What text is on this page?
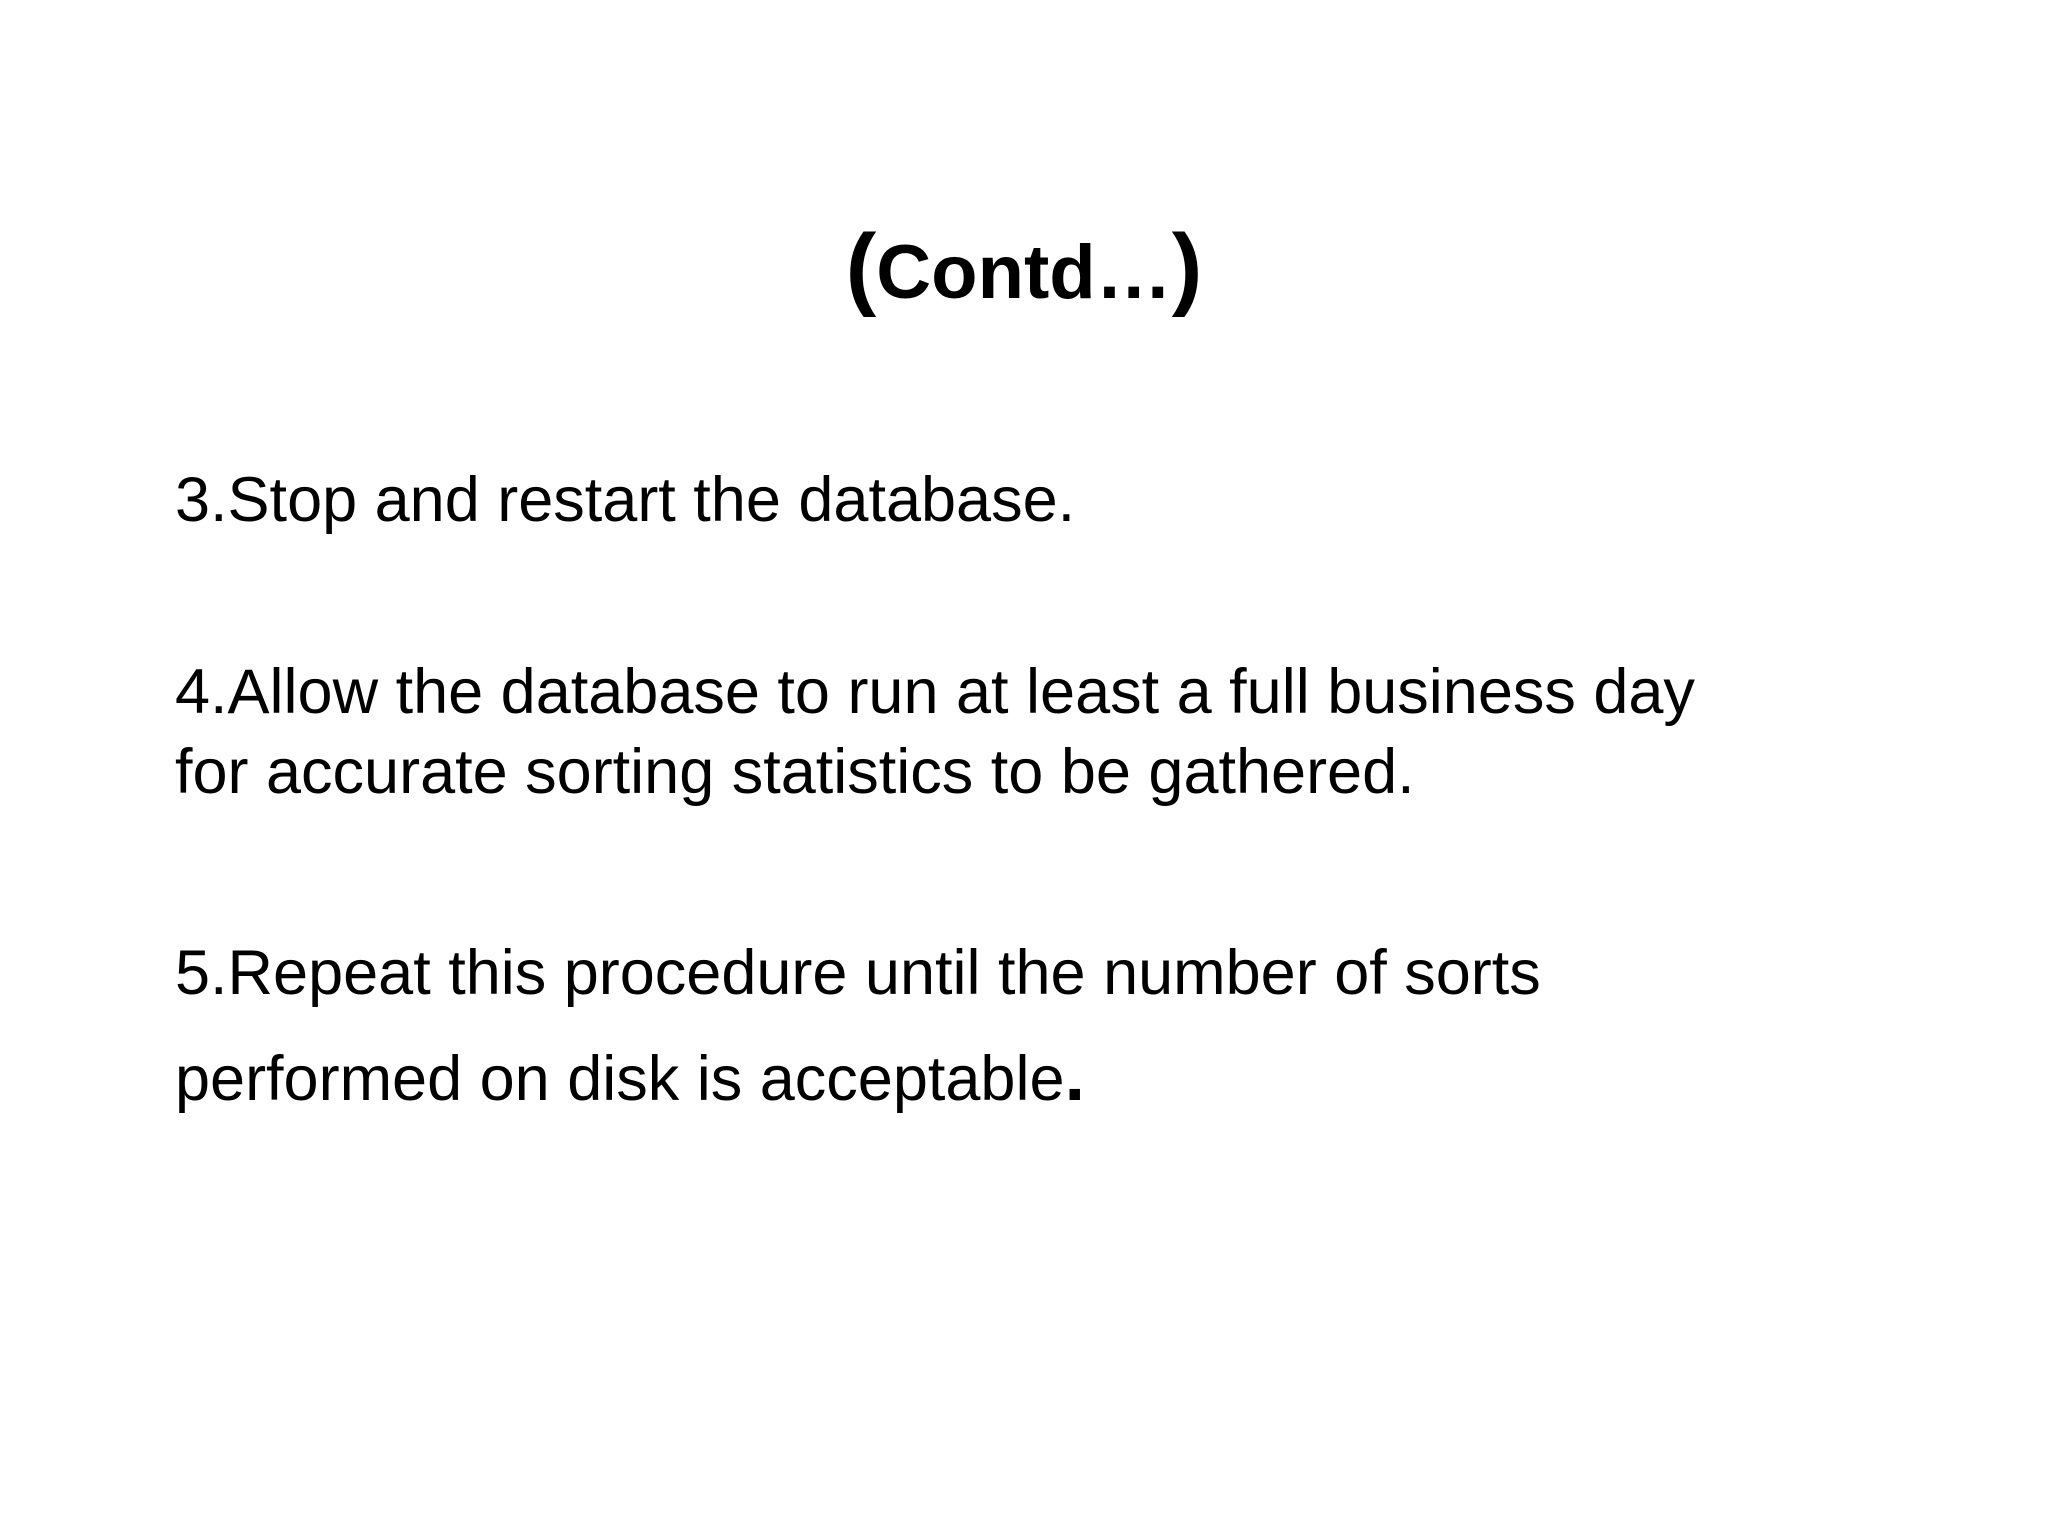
(Contd…)
3.Stop and restart the database.
4.Allow the database to run at least a full business day
for accurate sorting statistics to be gathered.
5.Repeat this procedure until the number of sorts
performed on disk is acceptable.
